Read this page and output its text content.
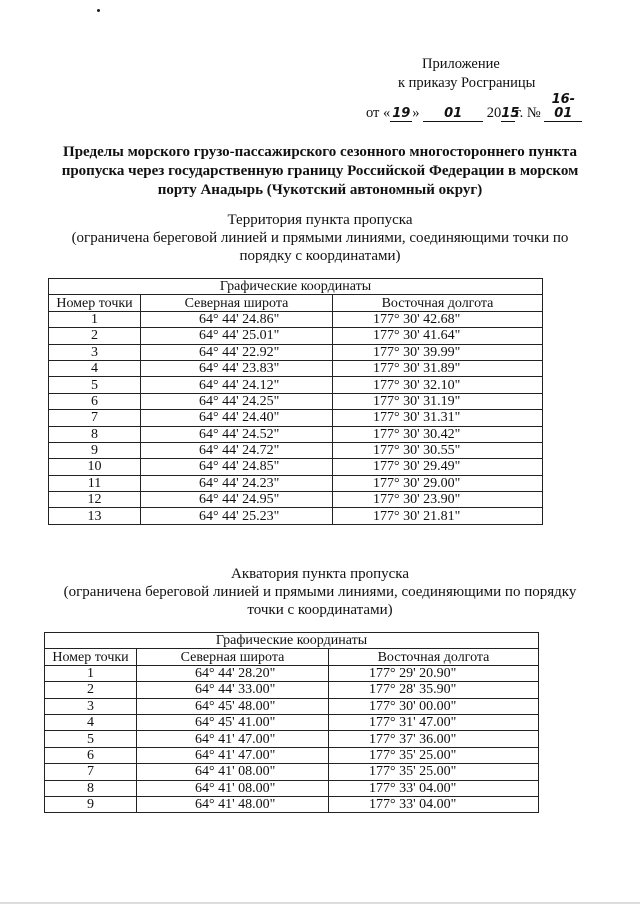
Приложение
к приказу Росграницы
от « 19 » 01 2015г. № 16-01
Пределы морского грузо-пассажирского сезонного многостороннего пункта пропуска через государственную границу Российской Федерации в морском порту Анадырь (Чукотский автономный округ)
Территория пункта пропуска
(ограничена береговой линией и прямыми линиями, соединяющими точки по порядку с координатами)
Графические координаты		
Номер точки	Северная широта	Восточная долгота
1	64° 44' 24.86"	177° 30' 42.68"
2	64° 44' 25.01"	177° 30' 41.64"
3	64° 44' 22.92"	177° 30' 39.99"
4	64° 44' 23.83"	177° 30' 31.89"
5	64° 44' 24.12"	177° 30' 32.10"
6	64° 44' 24.25"	177° 30' 31.19"
7	64° 44' 24.40"	177° 30' 31.31"
8	64° 44' 24.52"	177° 30' 30.42"
9	64° 44' 24.72"	177° 30' 30.55"
10	64° 44' 24.85"	177° 30' 29.49"
11	64° 44' 24.23"	177° 30' 29.00"
12	64° 44' 24.95"	177° 30' 23.90"
13	64° 44' 25.23"	177° 30' 21.81"
Акватория пункта пропуска
(ограничена береговой линией и прямыми линиями, соединяющими по порядку точки с координатами)
Графические координаты		
Номер точки	Северная широта	Восточная долгота
1	64° 44' 28.20"	177° 29' 20.90"
2	64° 44' 33.00"	177° 28' 35.90"
3	64° 45' 48.00"	177° 30' 00.00"
4	64° 45' 41.00"	177° 31' 47.00"
5	64° 41' 47.00"	177° 37' 36.00"
6	64° 41' 47.00"	177° 35' 25.00"
7	64° 41' 08.00"	177° 35' 25.00"
8	64° 41' 08.00"	177° 33' 04.00"
9	64° 41' 48.00"	177° 33' 04.00"
